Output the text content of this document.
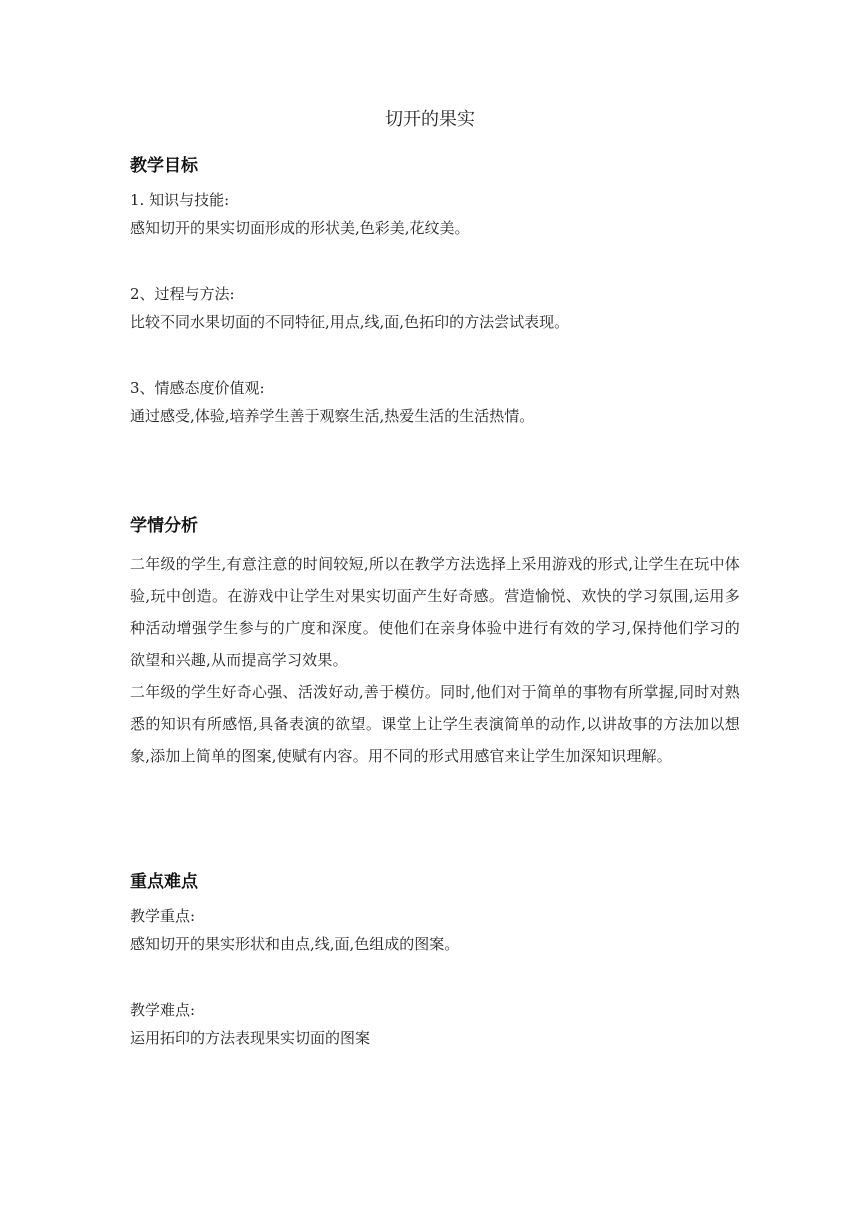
切开的果实
教学目标

1. 知识与技能:

感知切开的果实切面形成的形状美,色彩美,花纹美。

2、过程与方法:

比较不同水果切面的不同特征,用点,线,面,色拓印的方法尝试表现。

3、情感态度价值观:

通过感受,体验,培养学生善于观察生活,热爱生活的生活热情。

学情分析

二年级的学生,有意注意的时间较短,所以在教学方法选择上采用游戏的形式,让学生在玩中体验,玩中创造。在游戏中让学生对果实切面产生好奇感。营造愉悦、欢快的学习氛围,运用多种活动增强学生参与的广度和深度。使他们在亲身体验中进行有效的学习,保持他们学习的欲望和兴趣,从而提高学习效果。

二年级的学生好奇心强、活泼好动,善于模仿。同时,他们对于简单的事物有所掌握,同时对熟悉的知识有所感悟,具备表演的欲望。课堂上让学生表演简单的动作,以讲故事的方法加以想象,添加上简单的图案,使赋有内容。用不同的形式用感官来让学生加深知识理解。

重点难点

教学重点:

感知切开的果实形状和由点,线,面,色组成的图案。

教学难点:

运用拓印的方法表现果实切面的图案
